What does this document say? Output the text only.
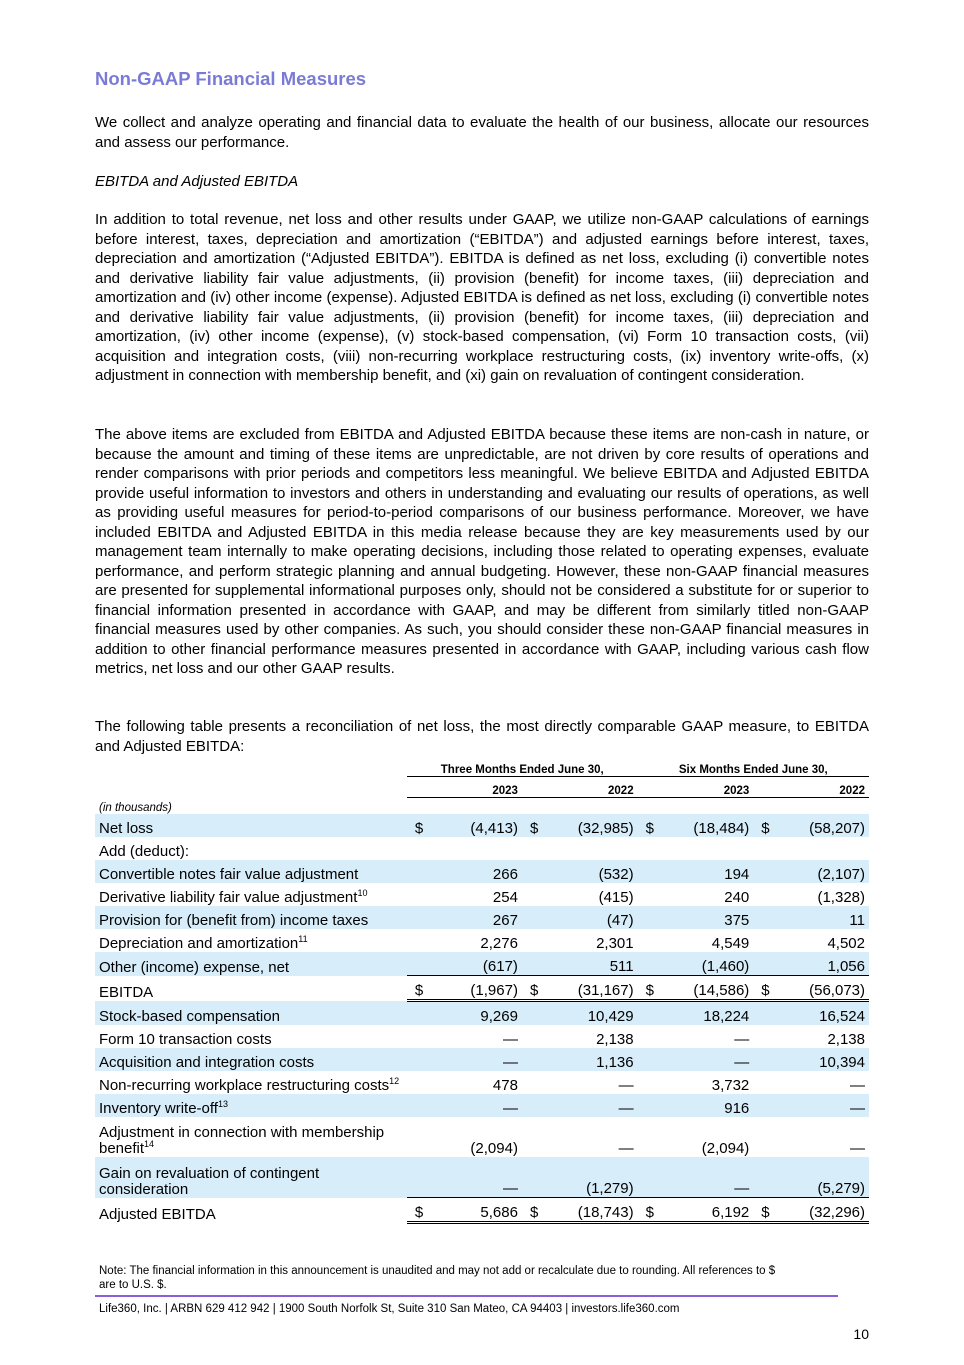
Non-GAAP Financial Measures

We collect and analyze operating and financial data to evaluate the health of our business, allocate our resources and assess our performance.

EBITDA and Adjusted EBITDA

In addition to total revenue, net loss and other results under GAAP, we utilize non-GAAP calculations of earnings before interest, taxes, depreciation and amortization (“EBITDA”) and adjusted earnings before interest, taxes, depreciation and amortization (“Adjusted EBITDA”). EBITDA is defined as net loss, excluding (i) convertible notes and derivative liability fair value adjustments, (ii) provision (benefit) for income taxes, (iii) depreciation and amortization and (iv) other income (expense). Adjusted EBITDA is defined as net loss, excluding (i) convertible notes and derivative liability fair value adjustments, (ii) provision (benefit) for income taxes, (iii) depreciation and amortization, (iv) other income (expense), (v) stock-based compensation, (vi) Form 10 transaction costs, (vii) acquisition and integration costs, (viii) non-recurring workplace restructuring costs, (ix) inventory write-offs, (x) adjustment in connection with membership benefit, and (xi) gain on revaluation of contingent consideration.

The above items are excluded from EBITDA and Adjusted EBITDA because these items are non-cash in nature, or because the amount and timing of these items are unpredictable, are not driven by core results of operations and render comparisons with prior periods and competitors less meaningful. We believe EBITDA and Adjusted EBITDA provide useful information to investors and others in understanding and evaluating our results of operations, as well as providing useful measures for period-to-period comparisons of our business performance. Moreover, we have included EBITDA and Adjusted EBITDA in this media release because they are key measurements used by our management team internally to make operating decisions, including those related to operating expenses, evaluate performance, and perform strategic planning and annual budgeting. However, these non-GAAP financial measures are presented for supplemental informational purposes only, should not be considered a substitute for or superior to financial information presented in accordance with GAAP, and may be different from similarly titled non-GAAP financial measures used by other companies. As such, you should consider these non-GAAP financial measures in addition to other financial performance measures presented in accordance with GAAP, including various cash flow metrics, net loss and our other GAAP results.

The following table presents a reconciliation of net loss, the most directly comparable GAAP measure, to EBITDA and Adjusted EBITDA:

	Three Months Ended June 30,				Six Months Ended June 30,			
		2023		2022		2023		2022
(in thousands)								
Net loss	$	(4,413)	$	(32,985)	$	(18,484)	$	(58,207)
Add (deduct):								
Convertible notes fair value adjustment		266		(532)		194		(2,107)
Derivative liability fair value adjustment$^{10}$		254		(415)		240		(1,328)
Provision for (benefit from) income taxes		267		(47)		375		11
Depreciation and amortization$^{11}$		2,276		2,301		4,549		4,502
Other (income) expense, net		(617)		511		(1,460)		1,056
EBITDA	$	(1,967)	$	(31,167)	$	(14,586)	$	(56,073)
Stock-based compensation		9,269		10,429		18,224		16,524
Form 10 transaction costs		—		2,138		—		2,138
Acquisition and integration costs		—		1,136		—		10,394
Non-recurring workplace restructuring costs$^{12}$		478		—		3,732		—
Inventory write-off$^{13}$		—		—		916		—
Adjustment in connection with membership benefit$^{14}$		(2,094)		—		(2,094)		—
Gain on revaluation of contingent consideration		—		(1,279)		—		(5,279)
Adjusted EBITDA	$	5,686	$	(18,743)	$	6,192	$	(32,296)
Note: The financial information in this announcement is unaudited and may not add or recalculate due to rounding. All references to $ are to U.S. $.
Life360, Inc. | ARBN 629 412 942 | 1900 South Norfolk St, Suite 310 San Mateo, CA 94403 | investors.life360.com
10
